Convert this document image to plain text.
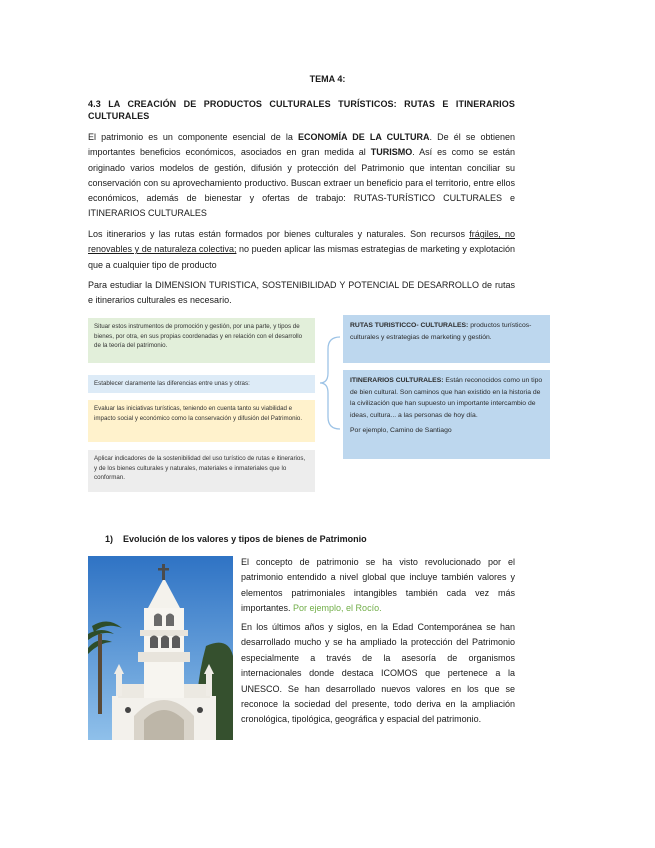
TEMA 4:
4.3 LA CREACIÓN DE PRODUCTOS CULTURALES TURÍSTICOS: RUTAS E ITINERARIOS CULTURALES
El patrimonio es un componente esencial de la ECONOMÍA DE LA CULTURA. De él se obtienen importantes beneficios económicos, asociados en gran medida al TURISMO. Así es como se están originado varios modelos de gestión, difusión y protección del Patrimonio que intentan conciliar su conservación con su aprovechamiento productivo. Buscan extraer un beneficio para el territorio, entre ellos económicos, además de bienestar y ofertas de trabajo: RUTAS-TURÍSTICO CULTURALES e ITINERARIOS CULTURALES
Los itinerarios y las rutas están formados por bienes culturales y naturales. Son recursos frágiles, no renovables y de naturaleza colectiva; no pueden aplicar las mismas estrategias de marketing y explotación que a cualquier tipo de producto
Para estudiar la DIMENSION TURISTICA, SOSTENIBILIDAD Y POTENCIAL DE DESARROLLO de rutas e itinerarios culturales es necesario.
Situar estos instrumentos de promoción y gestión, por una parte, y tipos de bienes, por otra, en sus propias coordenadas y en relación con el desarrollo de la teoría del patrimonio.
Establecer claramente las diferencias entre unas y otras:
Evaluar las iniciativas turísticas, teniendo en cuenta tanto su viabilidad e impacto social y económico como la conservación y difusión del Patrimonio.
Aplicar indicadores de la sostenibilidad del uso turístico de rutas e itinerarios, y de los bienes culturales y naturales, materiales e inmateriales que lo conforman.
RUTAS TURISTICCO- CULTURALES: productos turísticos-culturales y estrategias de marketing y gestión.
ITINERARIOS CULTURALES: Están reconocidos como un tipo de bien cultural. Son caminos que han existido en la historia de la civilización que han supuesto un importante intercambio de ideas, cultura... a las personas de hoy día.
Por ejemplo, Camino de Santiago
1) Evolución de los valores y tipos de bienes de Patrimonio
El concepto de patrimonio se ha visto revolucionado por el patrimonio entendido a nivel global que incluye también valores y elementos patrimoniales intangibles también cada vez más importantes. Por ejemplo, el Rocío.
En los últimos años y siglos, en la Edad Contemporánea se han desarrollado mucho y se ha ampliado la protección del Patrimonio especialmente a través de la asesoría de organismos internacionales donde destaca ICOMOS que pertenece a la UNESCO. Se han desarrollado nuevos valores en los que se reconoce la sociedad del presente, todo deriva en la ampliación cronológica, tipológica, geográfica y espacial del patrimonio.
